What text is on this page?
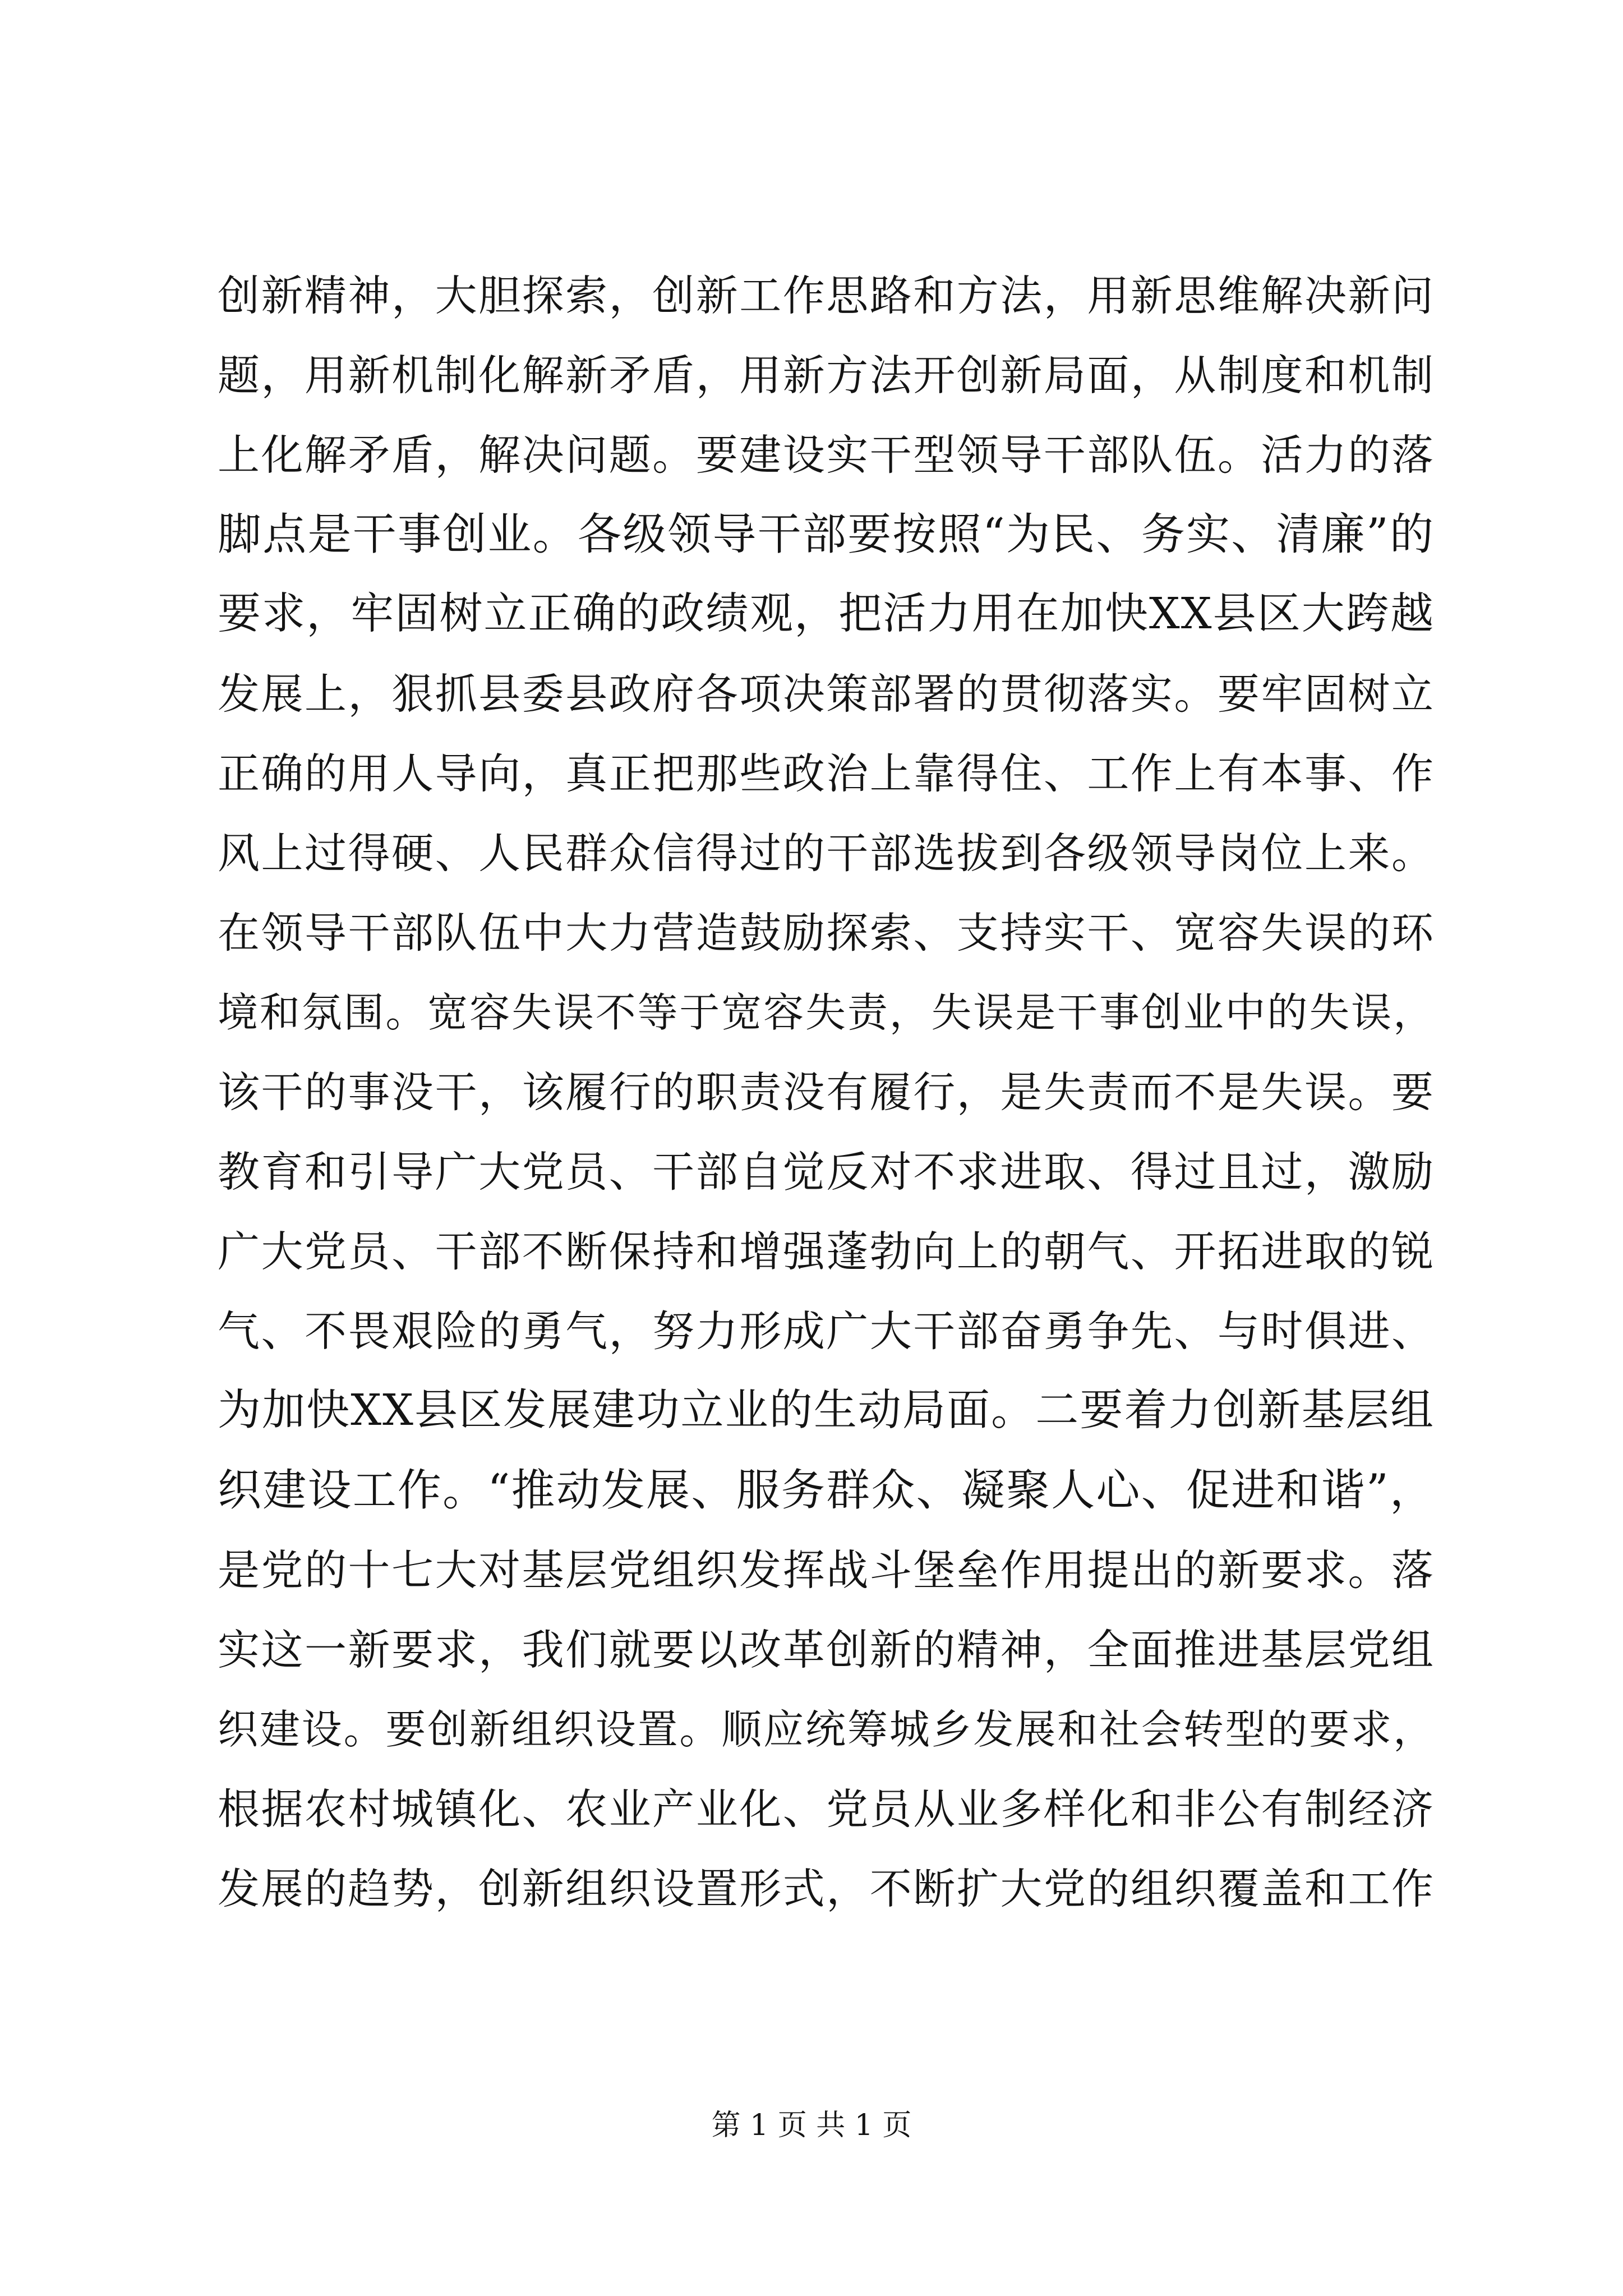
创新精神，大胆探索，创新工作思路和方法，用新思维解决新问
题，用新机制化解新矛盾，用新方法开创新局面，从制度和机制
上化解矛盾，解决问题。要建设实干型领导干部队伍。活力的落
脚点是干事创业。各级领导干部要按照“为民、务实、清廉”的
要求，牢固树立正确的政绩观，把活力用在加快XX县区大跨越
发展上，狠抓县委县政府各项决策部署的贯彻落实。要牢固树立
正确的用人导向，真正把那些政治上靠得住、工作上有本事、作
风上过得硬、人民群众信得过的干部选拔到各级领导岗位上来。
在领导干部队伍中大力营造鼓励探索、支持实干、宽容失误的环
境和氛围。宽容失误不等于宽容失责，失误是干事创业中的失误，
该干的事没干，该履行的职责没有履行，是失责而不是失误。要
教育和引导广大党员、干部自觉反对不求进取、得过且过，激励
广大党员、干部不断保持和增强蓬勃向上的朝气、开拓进取的锐
气、不畏艰险的勇气，努力形成广大干部奋勇争先、与时俱进、
为加快XX县区发展建功立业的生动局面。二要着力创新基层组
织建设工作。“推动发展、服务群众、凝聚人心、促进和谐”，
是党的十七大对基层党组织发挥战斗堡垒作用提出的新要求。落
实这一新要求，我们就要以改革创新的精神，全面推进基层党组
织建设。要创新组织设置。顺应统筹城乡发展和社会转型的要求，
根据农村城镇化、农业产业化、党员从业多样化和非公有制经济
发展的趋势，创新组织设置形式，不断扩大党的组织覆盖和工作
第 1 页 共 1 页
